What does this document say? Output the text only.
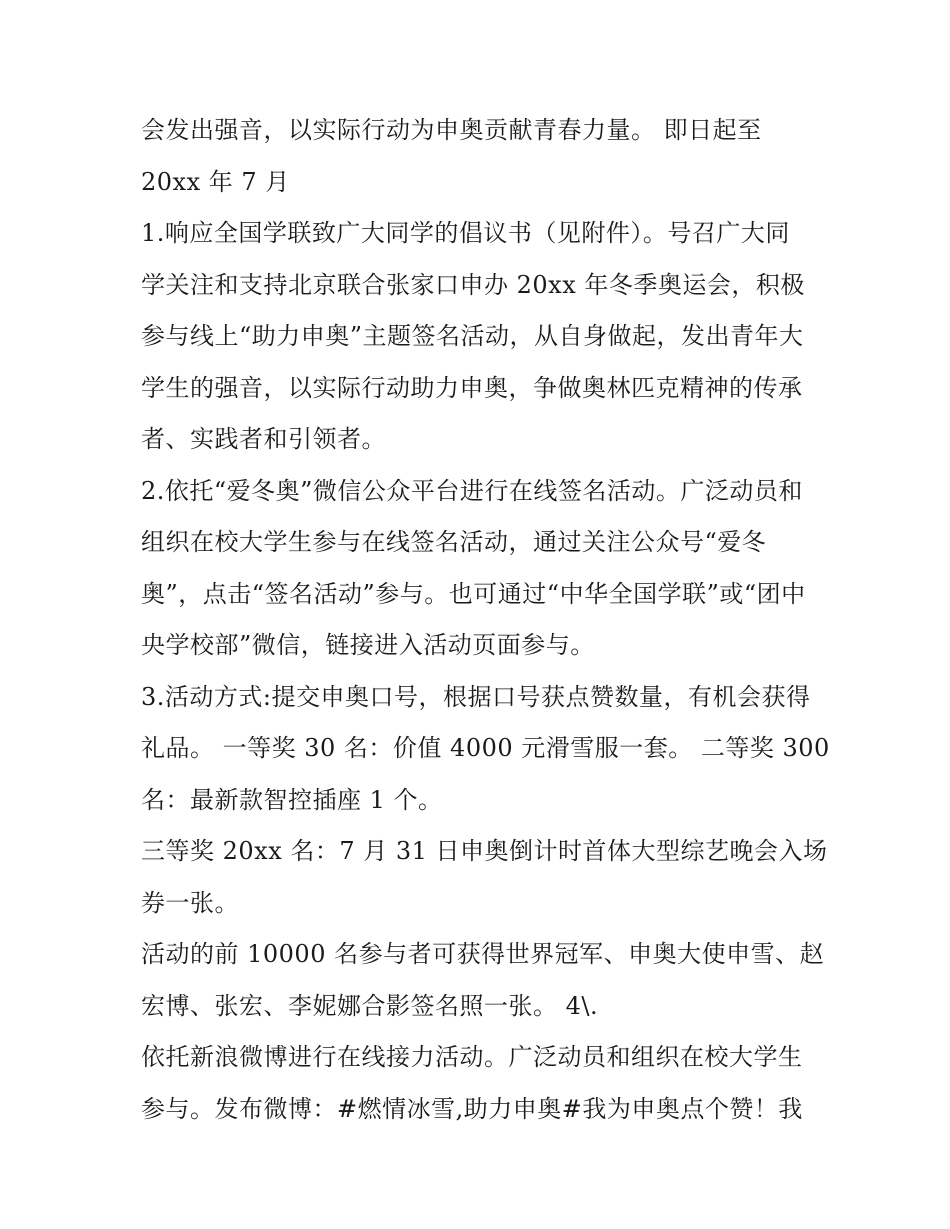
会发出强音，以实际行动为申奥贡献青春力量。 即日起至
20xx 年 7 月
1.响应全国学联致广大同学的倡议书（见附件）。号召广大同
学关注和支持北京联合张家口申办 20xx 年冬季奥运会，积极
参与线上“助力申奥”主题签名活动，从自身做起，发出青年大
学生的强音，以实际行动助力申奥，争做奥林匹克精神的传承
者、实践者和引领者。
2.依托“爱冬奥”微信公众平台进行在线签名活动。广泛动员和
组织在校大学生参与在线签名活动，通过关注公众号“爱冬
奥”，点击“签名活动”参与。也可通过“中华全国学联”或“团中
央学校部”微信，链接进入活动页面参与。
3.活动方式:提交申奥口号，根据口号获点赞数量，有机会获得
礼品。 一等奖 30 名：价值 4000 元滑雪服一套。 二等奖 300
名：最新款智控插座 1 个。
三等奖 20xx 名：7 月 31 日申奥倒计时首体大型综艺晚会入场
券一张。
活动的前 10000 名参与者可获得世界冠军、申奥大使申雪、赵
宏博、张宏、李妮娜合影签名照一张。 4\.
依托新浪微博进行在线接力活动。广泛动员和组织在校大学生
参与。发布微博：#燃情冰雪,助力申奥#我为申奥点个赞！我
